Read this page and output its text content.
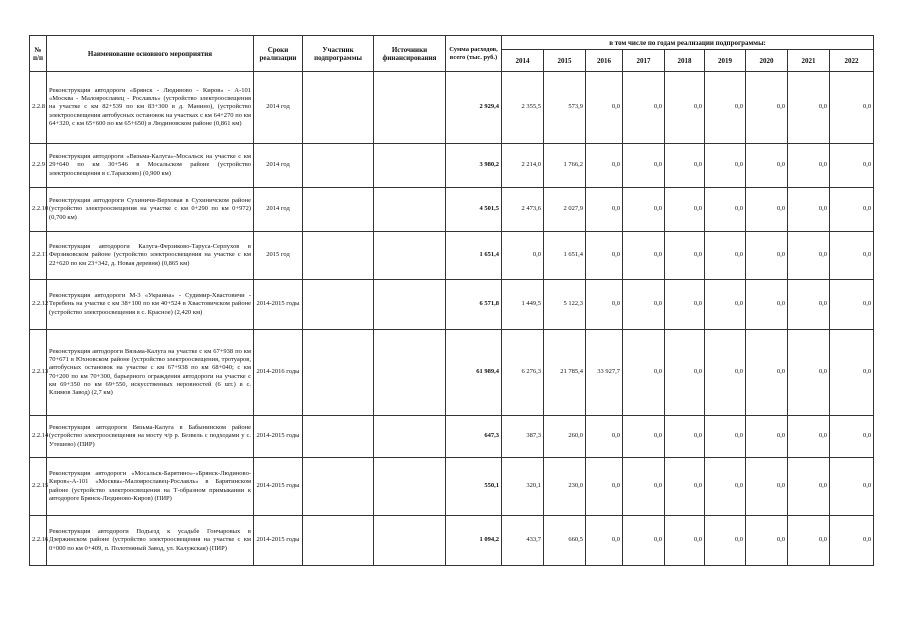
№ п/п	Наименование основного мероприятия	Сроки реализации	Участник подпрограммы	Источники финансирования	Сумма расходов, всего (тыс. руб.)	в том числе по годам реализации подпрограммы:								
						2014	2015	2016	2017	2018	2019	2020	2021	2022
2.2.8	Реконструкция автодороги «Брянск - Людиново - Киров» - А-101 «Москва - Малоярославец - Рославль» (устройство электроосвещения на участке с км 82+539 по км 83+300 в д. Манино), (устройство электроосвещения автобусных остановок на участках с км 64+270 по км 64+320, с км 65+600 по км 65+650) в Людиновском районе (0,861 км)	2014 год			2 929,4	2 355,5	573,9	0,0	0,0	0,0	0,0	0,0	0,0	0,0
2.2.9	Реконструкция автодороги «Вязьма-Калуга»-Мосальск на участке с км 29+640 по км 30+546 в Мосальском районе (устройство электроосвещения в с.Тарасково) (0,900 км)	2014 год			3 980,2	2 214,0	1 766,2	0,0	0,0	0,0	0,0	0,0	0,0	0,0
2.2.10	Реконструкция автодороги Сухиничи-Верховая в Сухиничском районе (устройство электроосвещения на участке с км 0+290 по км 0+972) (0,700 км)	2014 год			4 501,5	2 473,6	2 027,9	0,0	0,0	0,0	0,0	0,0	0,0	0,0
2.2.11	Реконструкция автодороги Калуга-Ферзиково-Таруса-Серпухов в Ферзиковском районе (устройство электроосвещения на участке с км 22+620 по км 23+342, д. Новая деревня) (0,865 км)	2015 год			1 651,4	0,0	1 651,4	0,0	0,0	0,0	0,0	0,0	0,0	0,0
2.2.12	Реконструкция автодороги М-3 «Украина» - Судимир-Хвастовичи - Теребень на участке с км 38+100 по км 40+524 в Хвастовичском районе (устройство электроосвещения в с. Красное) (2,420 км)	2014-2015 годы			6 571,8	1 449,5	5 122,3	0,0	0,0	0,0	0,0	0,0	0,0	0,0
2.2.13	Реконструкция автодороги Вязьма-Калуга на участке с км 67+938 по км 70+671 в Юхновском районе (устройство электроосвещения, тротуаров, автобусных остановок на участке с км 67+938 по км 68+040; с км 70+200 по км 70+300, барьерного ограждения автодороги на участке с км 69+350 по км 69+550, искусственных неровностей (6 шт.) в с. Климов Завод) (2,7 км)	2014-2016 годы			61 989,4	6 276,3	21 785,4	33 927,7	0,0	0,0	0,0	0,0	0,0	0,0
2.2.14	Реконструкция автодороги Вязьма-Калуга в Бабынинском районе (устройство электроосвещения на мосту ч/р р. Безвель с подходами у с. Утешево) (ПИР)	2014-2015 годы			647,3	387,3	260,0	0,0	0,0	0,0	0,0	0,0	0,0	0,0
2.2.15	Реконструкция автодороги «Мосальск-Барятино»-«Брянск-Людиново-Киров»-А-101 «Москва»-Малоярославец-Рославль» в Барятинском районе (устройство электроосвещения на Т-образном примыкании к автодороге Брянск-Людиново-Киров) (ПИР)	2014-2015 годы			550,1	320,1	230,0	0,0	0,0	0,0	0,0	0,0	0,0	0,0
2.2.16	Реконструкция автодороги Подъезд к усадьбе Гончаровых в Дзержинском районе (устройство электроосвещения на участке с км 0+000 по км 0+409, п. Полотняный Завод, ул. Калужская) (ПИР)	2014-2015 годы			1 094,2	433,7	660,5	0,0	0,0	0,0	0,0	0,0	0,0	0,0
